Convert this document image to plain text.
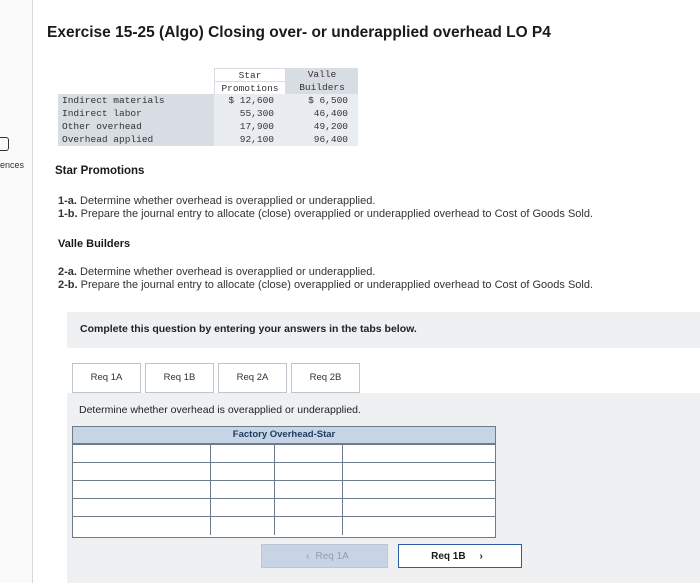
ences
Exercise 15-25 (Algo) Closing over- or underapplied overhead LO P4
Star	Valle
Promotions	Builders
Indirect materials	$ 12,600	$ 6,500
Indirect labor	55,300	46,400
Other overhead	17,900	49,200
Overhead applied	92,100	96,400
Star Promotions
1-a. Determine whether overhead is overapplied or underapplied.
1-b. Prepare the journal entry to allocate (close) overapplied or underapplied overhead to Cost of Goods Sold.
Valle Builders
2-a. Determine whether overhead is overapplied or underapplied.
2-b. Prepare the journal entry to allocate (close) overapplied or underapplied overhead to Cost of Goods Sold.
Complete this question by entering your answers in the tabs below.
Req 1A	Req 1B	Req 2A	Req 2B
Determine whether overhead is overapplied or underapplied.
Factory Overhead-Star
‹ Req 1A	Req 1B ›
